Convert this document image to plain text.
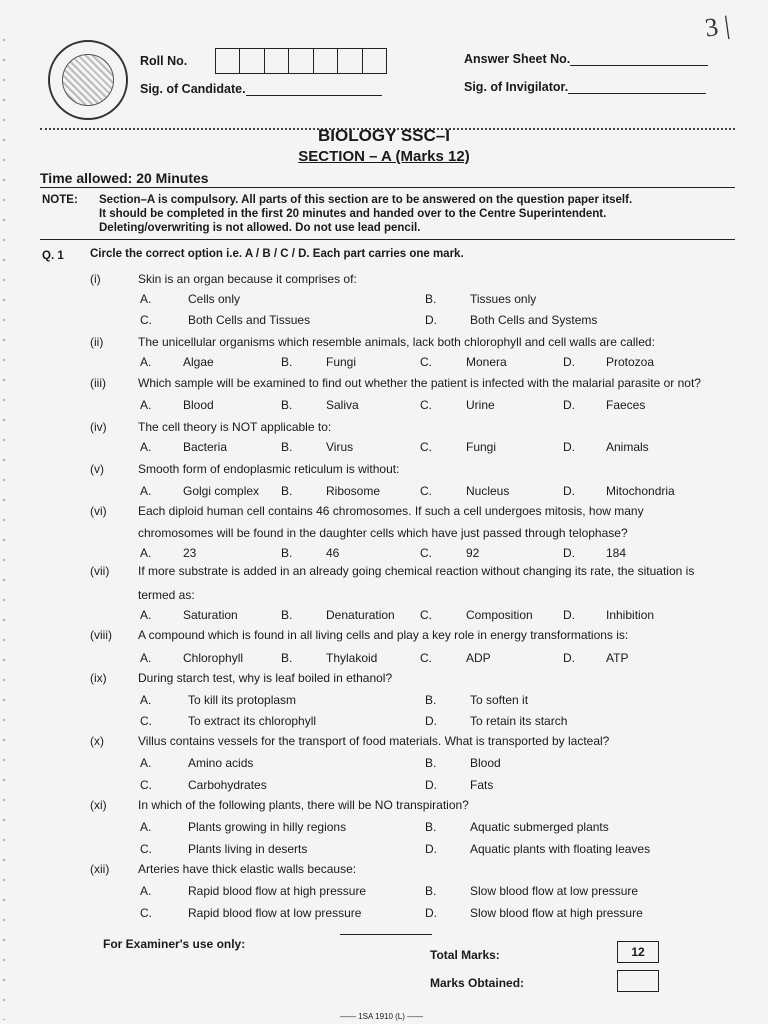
3 |
Roll No.	Answer Sheet No.
Sig. of Candidate.	Sig. of Invigilator.
BIOLOGY SSC–I
SECTION – A (Marks 12)
Time allowed: 20 Minutes
NOTE: Section–A is compulsory. All parts of this section are to be answered on the question paper itself.
It should be completed in the first 20 minutes and handed over to the Centre Superintendent.
Deleting/overwriting is not allowed. Do not use lead pencil.
Q. 1 Circle the correct option i.e. A / B / C / D. Each part carries one mark.
(i)	Skin is an organ because it comprises of:
A.	Cells only	B.	Tissues only
C.	Both Cells and Tissues	D.	Both Cells and Systems
(ii)	The unicellular organisms which resemble animals, lack both chlorophyll and cell walls are called:
A.	Algae	B.	Fungi	C.	Monera	D.	Protozoa
(iii)	Which sample will be examined to find out whether the patient is infected with the malarial parasite or not?
A.	Blood	B.	Saliva	C.	Urine	D.	Faeces
(iv)	The cell theory is NOT applicable to:
A.	Bacteria	B.	Virus	C.	Fungi	D.	Animals
(v)	Smooth form of endoplasmic reticulum is without:
A.	Golgi complex B.	Ribosome	C.	Nucleus	D.	Mitochondria
(vi)	Each diploid human cell contains 46 chromosomes. If such a cell undergoes mitosis, how many
chromosomes will be found in the daughter cells which have just passed through telophase?
A.	23	B.	46	C.	92	D.	184
(vii) If more substrate is added in an already going chemical reaction without changing its rate, the situation is
termed as:
A.	Saturation	B.	Denaturation C.	Composition	D.	Inhibition
(viii) A compound which is found in all living cells and play a key role in energy transformations is:
A.	Chlorophyll	B.	Thylakoid	C.	ADP	D.	ATP
(ix)	During starch test, why is leaf boiled in ethanol?
A.	To kill its protoplasm	B.	To soften it
C.	To extract its chlorophyll	D.	To retain its starch
(x)	Villus contains vessels for the transport of food materials. What is transported by lacteal?
A.	Amino acids	B.	Blood
C.	Carbohydrates	D.	Fats
(xi)	In which of the following plants, there will be NO transpiration?
A.	Plants growing in hilly regions	B.	Aquatic submerged plants
C.	Plants living in deserts	D.	Aquatic plants with floating leaves
(xii) Arteries have thick elastic walls because:
A.	Rapid blood flow at high pressure	B.	Slow blood flow at low pressure
C.	Rapid blood flow at low pressure	D.	Slow blood flow at high pressure
For Examiner's use only:
Total Marks:	12
Marks Obtained:
—— 1SA 1910 (L) ——
